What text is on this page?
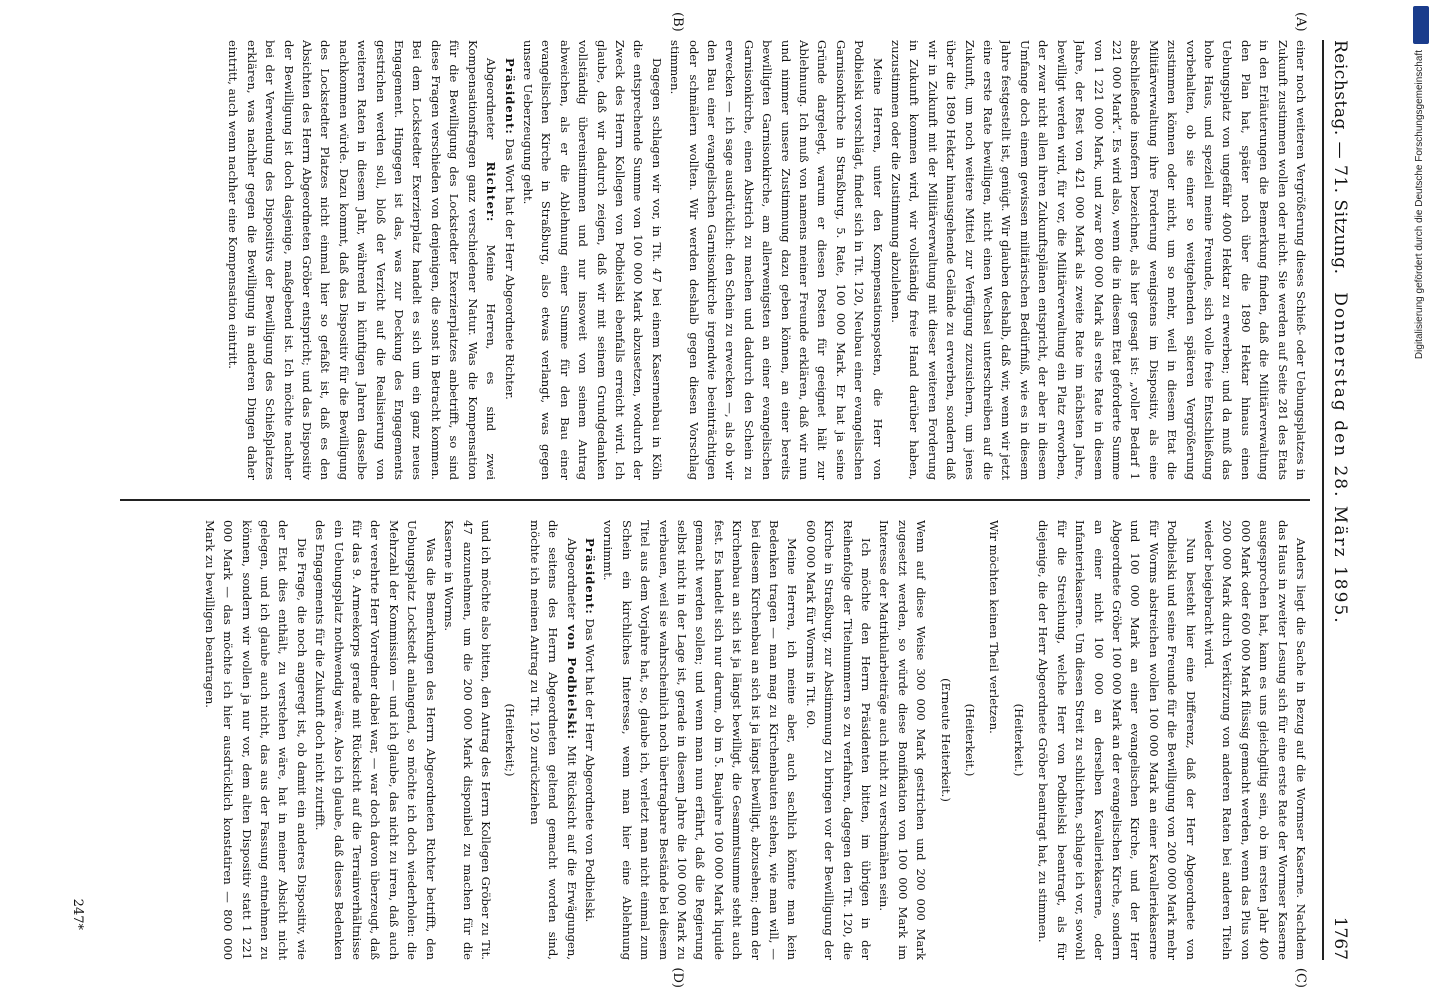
Reichstag. — 71. Sitzung.   Donnerstag den 28. März 1895.
1767
(A)
(B)
(C)
(D)

einer noch weiteren Vergrößerung dieses Schieß- oder Uebungsplatzes in Zukunft zustimmen wollen oder nicht. Sie werden auf Seite 281 des Etats in den Erläuterungen die Bemerkung finden, daß die Militärverwaltung den Plan hat, später noch über die 1890 Hektar hinaus einen Uebungsplatz von ungefähr 4000 Hektar zu erwerben; und da muß das hohe Haus, und speziell meine Freunde, sich volle freie Entschließung vorbehalten, ob sie einer so weitgehenden späteren Vergrößerung zustimmen können oder nicht, um so mehr, weil in diesem Etat die Militärverwaltung ihre Forderung wenigstens im Dispositiv, als eine abschließende insofern bezeichnet, als hier gesagt ist: „voller Bedarf 1 221 000 Mark“. Es wird also, wenn die in diesem Etat geforderte Summe von 1 221 000 Mark, und zwar 800 000 Mark als erste Rate in diesem Jahre, der Rest von 421 000 Mark als zweite Rate im nächsten Jahre, bewilligt werden wird, für vor, die Militärverwaltung ein Platz erworben, der zwar nicht allen ihren Zukunftsplänen entspricht, der aber in diesem Umfange doch einem gewissen militärischen Bedürfniß, wie es in diesem Jahre festgestellt ist, genügt. Wir glauben deshalb, daß wir, wenn wir jetzt eine erste Rate bewilligen, nicht einen Wechsel unterschreiben auf die Zukunft, um noch weitere Mittel zur Verfügung zuzusichern, um jenes über die 1890 Hektar hinausgehende Gelände zu erwerben, sondern daß wir in Zukunft mit der Militärverwaltung mit dieser weiteren Forderung in Zukunft kommen wird, wir vollständig freie Hand darüber haben, zuzustimmen oder die Zustimmung abzulehnen.

Meine Herren, unter den Kompensationsposten, die Herr von Podbielski vorschlägt, findet sich in Tit. 120, Neubau einer evangelischen Garnisonkirche in Straßburg, 5. Rate, 100 000 Mark. Er hat ja seine Gründe dargelegt, warum er diesen Posten für geeignet hält zur Ablehnung. Ich muß von namens meiner Freunde erklären, daß wir nun und nimmer unsere Zustimmung dazu geben können, an einer bereits bewilligten Garnisonkirche, am allerwenigsten an einer evangelischen Garnisonkirche, einen Abstrich zu machen und dadurch den Schein zu erwecken — ich sage ausdrücklich: den Schein zu erwecken —, als ob wir den Bau einer evangelischen Garnisonkirche irgendwie beeinträchtigen oder schmälern wollten. Wir werden deshalb gegen diesen Vorschlag stimmen.

Dagegen schlagen wir vor, in Tit. 47 bei einem Kasernenbau in Köln die entsprechende Summe von 100 000 Mark abzusetzen, wodurch der Zweck des Herrn Kollegen von Podbielski ebenfalls erreicht wird. Ich glaube, daß wir dadurch zeigen, daß wir mit seinem Grundgedanken vollständig übereinstimmen und nur insoweit von seinem Antrag abweichen, als er die Ablehnung einer Summe für den Bau einer evangelischen Kirche in Straßburg, also etwas verlangt, was gegen unsere Ueberzeugung geht.

Präsident: Das Wort hat der Herr Abgeordnete Richter.

Abgeordneter Richter: Meine Herren, es sind zwei Kompensationsfragen ganz verschiedener Natur. Was die Kompensation für die Bewilligung des Lockstedter Exerzierplatzes anbetrifft, so sind diese Fragen verschieden von denjenigen, die sonst in Betracht kommen. Bei dem Lockstedter Exerzierplatz handelt es sich um ein ganz neues Engagement. Hingegen ist das, was zur Deckung des Engagements gestrichen werden soll, bloß der Verzicht auf die Realisierung von weiteren Raten in diesem Jahr, während in künftigen Jahren dasselbe nachkommen würde. Dazu kommt, daß das Dispositiv für die Bewilligung des Lockstedter Platzes nicht einmal hier so gefaßt ist, daß es den Absichten des Herrn Abgeordneten Gröber entspricht; und das Dispositiv der Bewilligung ist doch dasjenige, maßgebend ist. Ich möchte nachher bei der Verwendung des Dispositivs der Bewilligung des Schießplatzes erklären, was nachher gegen die Bewilligung in anderen Dingen daher eintritt, auch wenn nachher eine Kompensation eintritt.

Anders liegt die Sache in Bezug auf die Wormser Kaserne. Nachdem das Haus in zweiter Lesung sich für eine erste Rate der Wormser Kaserne ausgesprochen hat, kann es uns gleichgiltig sein, ob im ersten Jahr 400 000 Mark oder 600 000 Mark flüssig gemacht werden, wenn das Plus von 200 000 Mark durch Verkürzung von anderen Raten bei anderen Titeln wieder beigebracht wird.

Nun besteht hier eine Differenz, daß der Herr Abgeordnete von Podbielski und seine Freunde für die Bewilligung von 200 000 Mark mehr für Worms abstreichen wollen 100 000 Mark an einer Kavalleriekaserne und 100 000 Mark an einer evangelischen Kirche, und der Herr Abgeordnete Gröber 100 000 Mark an der evangelischen Kirche, sondern an einer nicht 100 000 an derselben Kavalleriekaserne, oder Infanteriekaserne. Um diesen Streit zu schlichten, schlage ich vor, sowohl für die Streichung, welche Herr von Podbielski beantragt, als für diejenige, die der Herr Abgeordnete Gröber beantragt hat, zu stimmen.

(Heiterkeit.)

Wir möchten keinen Theil verletzen.

(Heiterkeit.)

(Erneute Heiterkeit.)

Wenn auf diese Weise 300 000 Mark gestrichen und 200 000 Mark zugesetzt werden, so würde diese Bonifikation von 100 000 Mark im Interesse der Matrikularbeiträge auch nicht zu verschmähen sein.

Ich möchte den Herrn Präsidenten bitten, im übrigen in der Reihenfolge der Titelnummern so zu verfahren, dagegen den Tit. 120, die Kirche in Straßburg, zur Abstimmung zu bringen vor der Bewilligung der 600 000 Mark für Worms in Tit. 60.

Meine Herren, ich meine aber, auch sachlich könnte man kein Bedenken tragen — man mag zu Kirchenbauten stehen, wie man will, — bei diesem Kirchenbau an sich ist ja längst bewilligt, abzusehen; denn der Kirchenbau an sich ist ja längst bewilligt, die Gesammtsumme steht auch fest. Es handelt sich nur darum, ob im 5. Baujahre 100 000 Mark liquide gemacht werden sollen; und wenn man nun erfährt, daß die Regierung selbst nicht in der Lage ist, gerade in diesem Jahre die 100 000 Mark zu verbauen, weil sie wahrscheinlich noch übertragbare Bestände bei diesem Titel aus dem Vorjahre hat, so, glaube ich, verletzt man nicht einmal zum Schein ein kirchliches Interesse, wenn man hier eine Ablehnung vornimmt.

Präsident: Das Wort hat der Herr Abgeordnete von Podbielski.

Abgeordneter von Podbielski: Mit Rücksicht auf die Erwägungen, die seitens des Herrn Abgeordneten geltend gemacht worden sind, möchte ich meinen Antrag zu Tit. 120 zurückziehen

(Heiterkeit;)

und ich möchte also bitten, den Antrag des Herrn Kollegen Gröber zu Tit. 47 anzunehmen, um die 200 000 Mark disponibel zu machen für die Kaserne in Worms.

Was die Bemerkungen des Herrn Abgeordneten Richter betrifft, den Uebungsplatz Lockstedt anlangend, so möchte ich doch wiederholen: die Mehrzahl der Kommission — und ich glaube, das nicht zu irren, daß auch der verehrte Herr Vorredner dabei war, — war doch davon überzeugt, daß für das 9. Armeekorps gerade mit Rücksicht auf die Terrainverhältnisse ein Uebungsplatz nothwendig wäre. Also ich glaube, daß dieses Bedenken des Engagements für die Zukunft doch nicht zutrifft.

Die Frage, die noch angeregt ist, ob damit ein anderes Dispositiv, wie der Etat dies enthält, zu verstehen wäre, hat in meiner Absicht nicht gelegen, und ich glaube auch nicht, das aus der Fassung entnehmen zu können, sondern wir wollen ja nur vor, dem alten Dispositiv statt 1 221 000 Mark — das möchte ich hier ausdrücklich konstatiren — 800 000 Mark zu bewilligen beantragen.

247*
Digitalisierung gefördert durch die Deutsche Forschungsgemeinschaft
